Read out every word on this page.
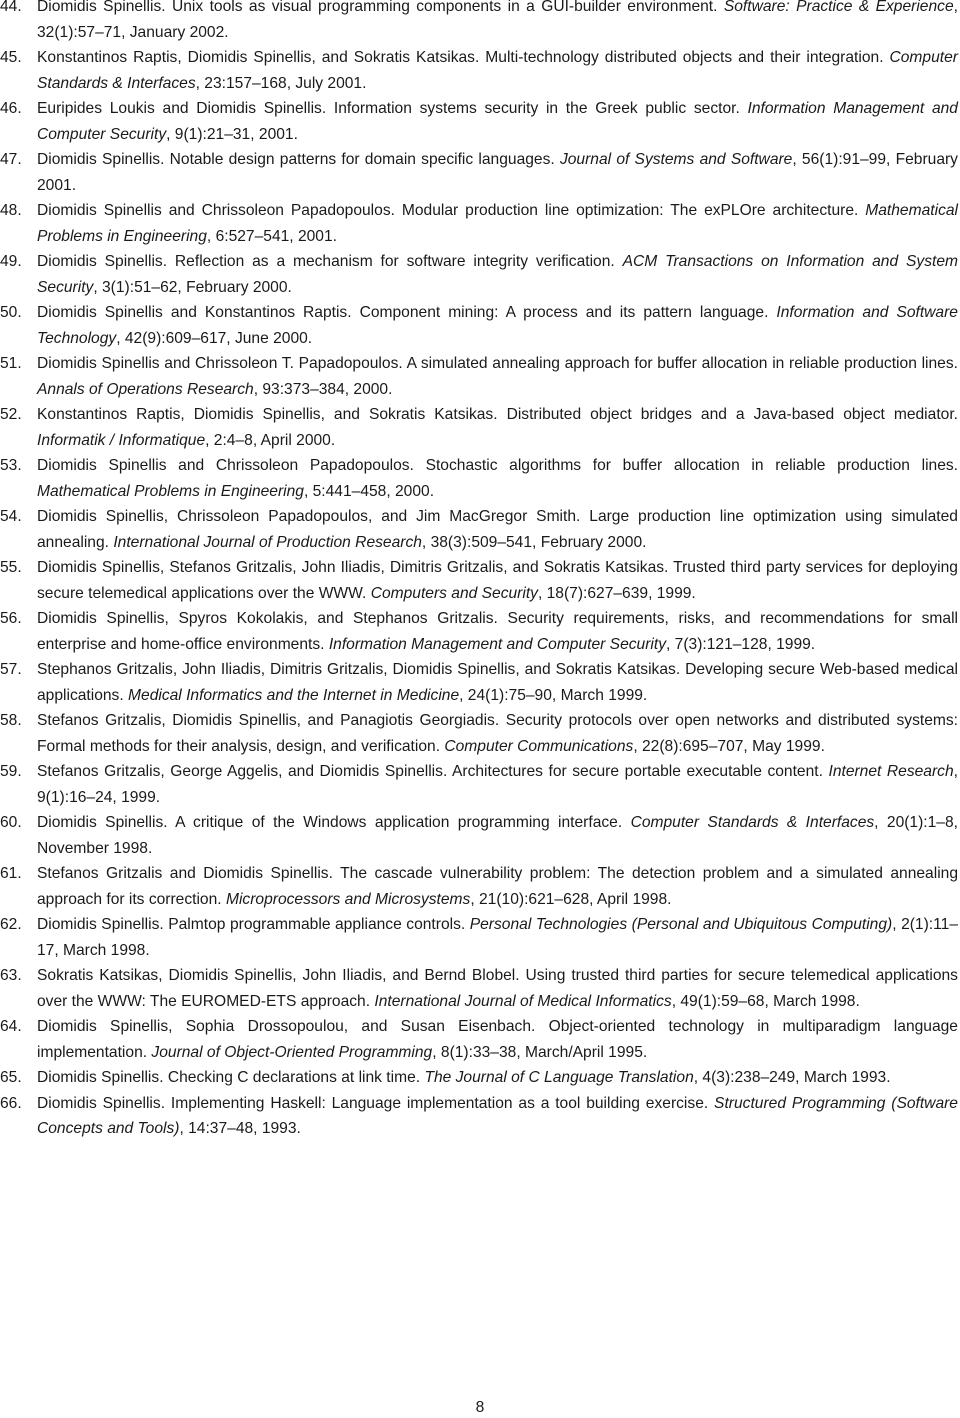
44. Diomidis Spinellis. Unix tools as visual programming components in a GUI-builder environment. Software: Practice & Experience, 32(1):57–71, January 2002.
45. Konstantinos Raptis, Diomidis Spinellis, and Sokratis Katsikas. Multi-technology distributed objects and their integration. Computer Standards & Interfaces, 23:157–168, July 2001.
46. Euripides Loukis and Diomidis Spinellis. Information systems security in the Greek public sector. Information Management and Computer Security, 9(1):21–31, 2001.
47. Diomidis Spinellis. Notable design patterns for domain specific languages. Journal of Systems and Software, 56(1):91–99, February 2001.
48. Diomidis Spinellis and Chrissoleon Papadopoulos. Modular production line optimization: The exPLOre architecture. Mathematical Problems in Engineering, 6:527–541, 2001.
49. Diomidis Spinellis. Reflection as a mechanism for software integrity verification. ACM Transactions on Information and System Security, 3(1):51–62, February 2000.
50. Diomidis Spinellis and Konstantinos Raptis. Component mining: A process and its pattern language. Information and Software Technology, 42(9):609–617, June 2000.
51. Diomidis Spinellis and Chrissoleon T. Papadopoulos. A simulated annealing approach for buffer allocation in reliable production lines. Annals of Operations Research, 93:373–384, 2000.
52. Konstantinos Raptis, Diomidis Spinellis, and Sokratis Katsikas. Distributed object bridges and a Java-based object mediator. Informatik / Informatique, 2:4–8, April 2000.
53. Diomidis Spinellis and Chrissoleon Papadopoulos. Stochastic algorithms for buffer allocation in reliable production lines. Mathematical Problems in Engineering, 5:441–458, 2000.
54. Diomidis Spinellis, Chrissoleon Papadopoulos, and Jim MacGregor Smith. Large production line optimization using simulated annealing. International Journal of Production Research, 38(3):509–541, February 2000.
55. Diomidis Spinellis, Stefanos Gritzalis, John Iliadis, Dimitris Gritzalis, and Sokratis Katsikas. Trusted third party services for deploying secure telemedical applications over the WWW. Computers and Security, 18(7):627–639, 1999.
56. Diomidis Spinellis, Spyros Kokolakis, and Stephanos Gritzalis. Security requirements, risks, and recommendations for small enterprise and home-office environments. Information Management and Computer Security, 7(3):121–128, 1999.
57. Stephanos Gritzalis, John Iliadis, Dimitris Gritzalis, Diomidis Spinellis, and Sokratis Katsikas. Developing secure Web-based medical applications. Medical Informatics and the Internet in Medicine, 24(1):75–90, March 1999.
58. Stefanos Gritzalis, Diomidis Spinellis, and Panagiotis Georgiadis. Security protocols over open networks and distributed systems: Formal methods for their analysis, design, and verification. Computer Communications, 22(8):695–707, May 1999.
59. Stefanos Gritzalis, George Aggelis, and Diomidis Spinellis. Architectures for secure portable executable content. Internet Research, 9(1):16–24, 1999.
60. Diomidis Spinellis. A critique of the Windows application programming interface. Computer Standards & Interfaces, 20(1):1–8, November 1998.
61. Stefanos Gritzalis and Diomidis Spinellis. The cascade vulnerability problem: The detection problem and a simulated annealing approach for its correction. Microprocessors and Microsystems, 21(10):621–628, April 1998.
62. Diomidis Spinellis. Palmtop programmable appliance controls. Personal Technologies (Personal and Ubiquitous Computing), 2(1):11–17, March 1998.
63. Sokratis Katsikas, Diomidis Spinellis, John Iliadis, and Bernd Blobel. Using trusted third parties for secure telemedical applications over the WWW: The EUROMED-ETS approach. International Journal of Medical Informatics, 49(1):59–68, March 1998.
64. Diomidis Spinellis, Sophia Drossopoulou, and Susan Eisenbach. Object-oriented technology in multiparadigm language implementation. Journal of Object-Oriented Programming, 8(1):33–38, March/April 1995.
65. Diomidis Spinellis. Checking C declarations at link time. The Journal of C Language Translation, 4(3):238–249, March 1993.
66. Diomidis Spinellis. Implementing Haskell: Language implementation as a tool building exercise. Structured Programming (Software Concepts and Tools), 14:37–48, 1993.
8
